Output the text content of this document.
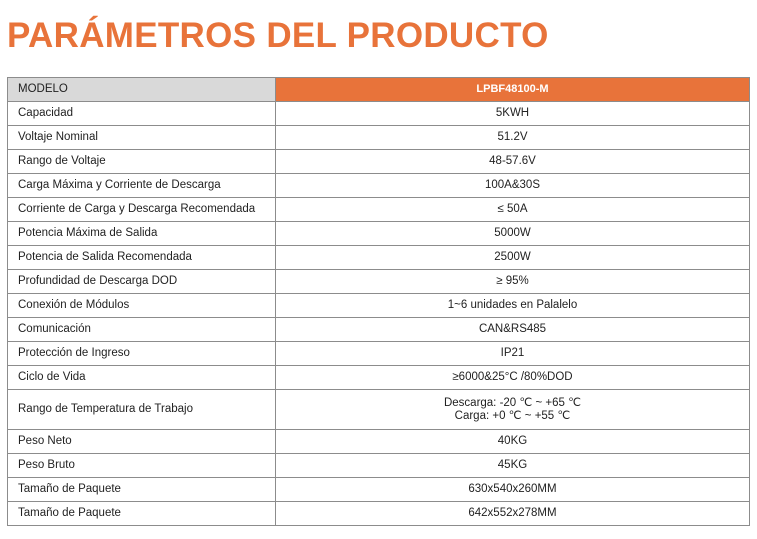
PARÁMETROS DEL PRODUCTO
MODELO	LPBF48100-M
Capacidad	5KWH
Voltaje Nominal	51.2V
Rango de Voltaje	48-57.6V
Carga Máxima y Corriente de Descarga	100A&30S
Corriente de Carga y Descarga Recomendada	≤ 50A
Potencia Máxima de Salida	5000W
Potencia de Salida Recomendada	2500W
Profundidad de Descarga DOD	≥ 95%
Conexión de Módulos	1~6 unidades en Palalelo
Comunicación	CAN&RS485
Protección de Ingreso	IP21
Ciclo de Vida	≥6000&25°C /80%DOD
Rango de Temperatura de Trabajo	Descarga: -20 ℃ ~ +65 ℃
Carga: +0 ℃ ~ +55 ℃

Peso Neto	40KG
Peso Bruto	45KG
Tamaño de Paquete	630x540x260MM
Tamaño de Paquete	642x552x278MM
